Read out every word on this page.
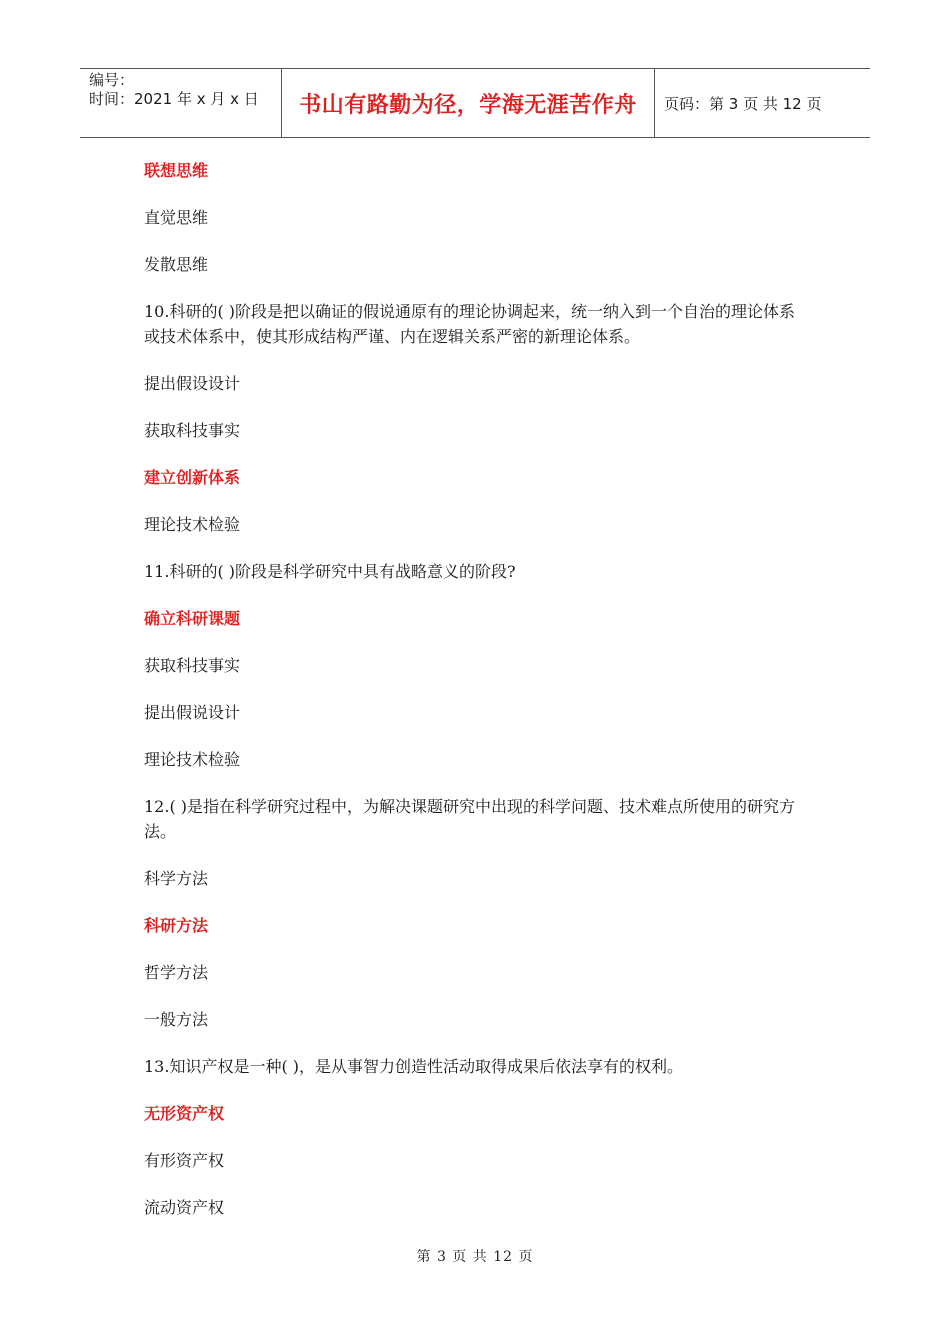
编号：
时间：2021 年 x 月 x 日	书山有路勤为径，学海无涯苦作舟	页码：第 3 页 共 12 页

联想思维

直觉思维

发散思维

10.科研的( )阶段是把以确证的假说通原有的理论协调起来，统一纳入到一个自治的理论体系或技术体系中，使其形成结构严谨、内在逻辑关系严密的新理论体系。

提出假设设计

获取科技事实

建立创新体系

理论技术检验

11.科研的( )阶段是科学研究中具有战略意义的阶段?

确立科研课题

获取科技事实

提出假说设计

理论技术检验

12.( )是指在科学研究过程中，为解决课题研究中出现的科学问题、技术难点所使用的研究方法。

科学方法

科研方法

哲学方法

一般方法

13.知识产权是一种( )，是从事智力创造性活动取得成果后依法享有的权利。

无形资产权

有形资产权

流动资产权

第 3 页 共 12 页
